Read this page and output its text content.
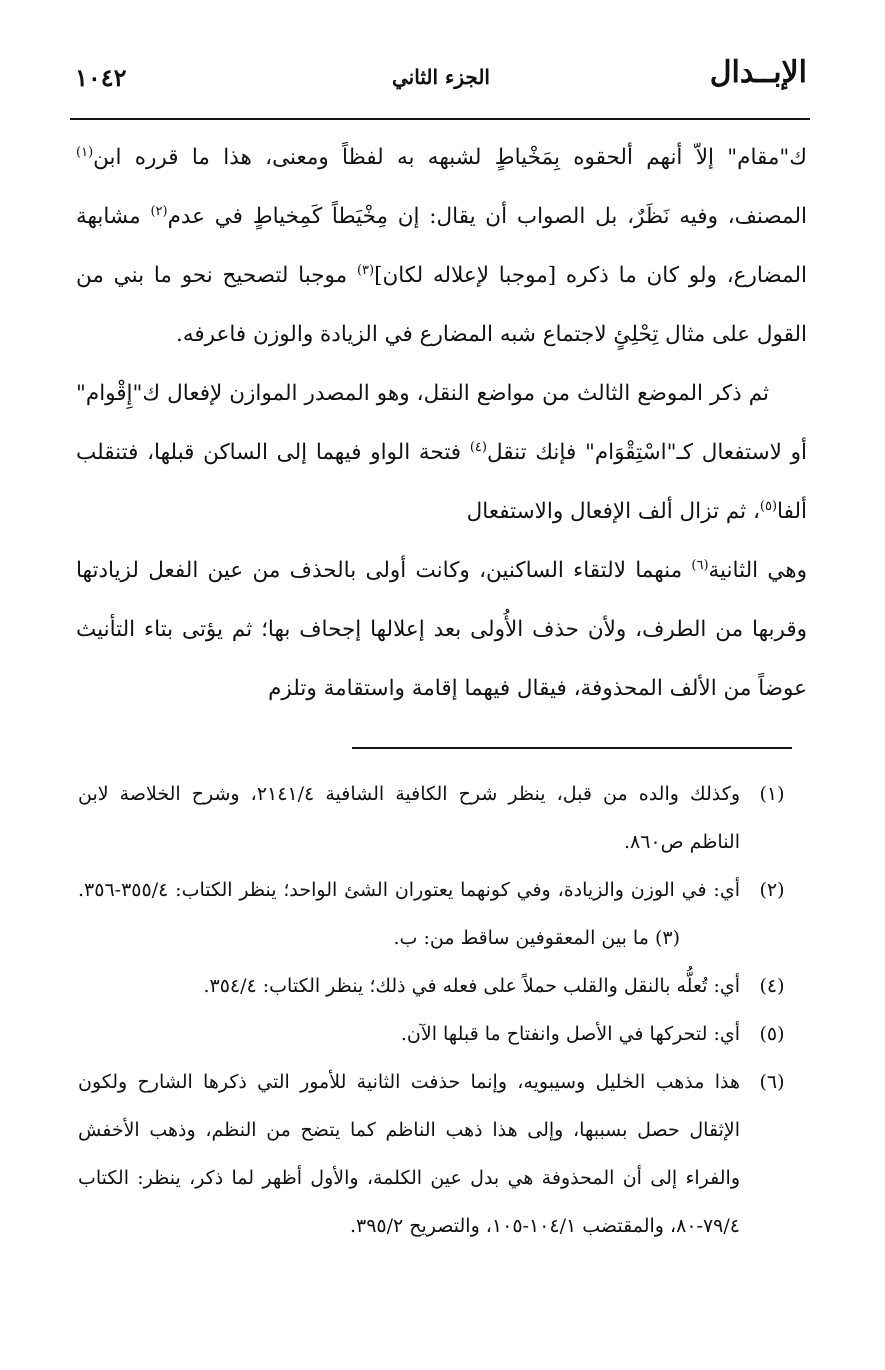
الإبــدال
الجزء الثاني
١٠٤٢

ك"مقام" إلاّ أنهم ألحقوه بِمَخْياطٍ لشبهه به لفظاً ومعنى، هذا ما قرره ابن$^{(١)}$ المصنف، وفيه نَظَرٌ، بل الصواب أن يقال: إن مِخْيَطاً كَمِخياطٍ في عدم$^{(٢)}$ مشابهة المضارع، ولو كان ما ذكره [موجبا لإعلاله لكان]$^{(٣)}$ موجبا لتصحيح نحو ما بني من القول على مثال تِحْلِئٍ لاجتماع شبه المضارع في الزيادة والوزن فاعرفه.

ثم ذكر الموضع الثالث من مواضع النقل، وهو المصدر الموازن لإفعال ك"إِقْوام" أو لاستفعال كـ"اسْتِقْوَام" فإنك تنقل$^{(٤)}$ فتحة الواو فيهما إلى الساكن قبلها، فتنقلب ألفا$^{(٥)}$، ثم تزال ألف الإفعال والاستفعال

وهي الثانية$^{(٦)}$ منهما لالتقاء الساكنين، وكانت أولى بالحذف من عين الفعل لزيادتها وقربها من الطرف، ولأن حذف الأُولى بعد إعلالها إجحاف بها؛ ثم يؤتى بتاء التأنيث عوضاً من الألف المحذوفة، فيقال فيهما إقامة واستقامة وتلزم

(١)
وكذلك والده من قبل، ينظر شرح الكافية الشافية ٢١٤١/٤، وشرح الخلاصة لابن الناظم ص٨٦٠.
(٢)
أي: في الوزن والزيادة، وفي كونهما يعتوران الشئ الواحد؛ ينظر الكتاب: ٣٥٥/٤-٣٥٦.(٣) ما بين المعقوفين ساقط من: ب.
(٤)
أي: تُعلُّه بالنقل والقلب حملاً على فعله في ذلك؛ ينظر الكتاب: ٣٥٤/٤.
(٥)
أي: لتحركها في الأصل وانفتاح ما قبلها الآن.
(٦)
هذا مذهب الخليل وسيبويه، وإنما حذفت الثانية للأمور التي ذكرها الشارح ولكون الإثقال حصل بسببها، وإلى هذا ذهب الناظم كما يتضح من النظم، وذهب الأخفش والفراء إلى أن المحذوفة هي بدل عين الكلمة، والأول أظهر لما ذكر، ينظر: الكتاب ٧٩/٤-٨٠، والمقتضب ١٠٤/١-١٠٥، والتصريح ٣٩٥/٢.
